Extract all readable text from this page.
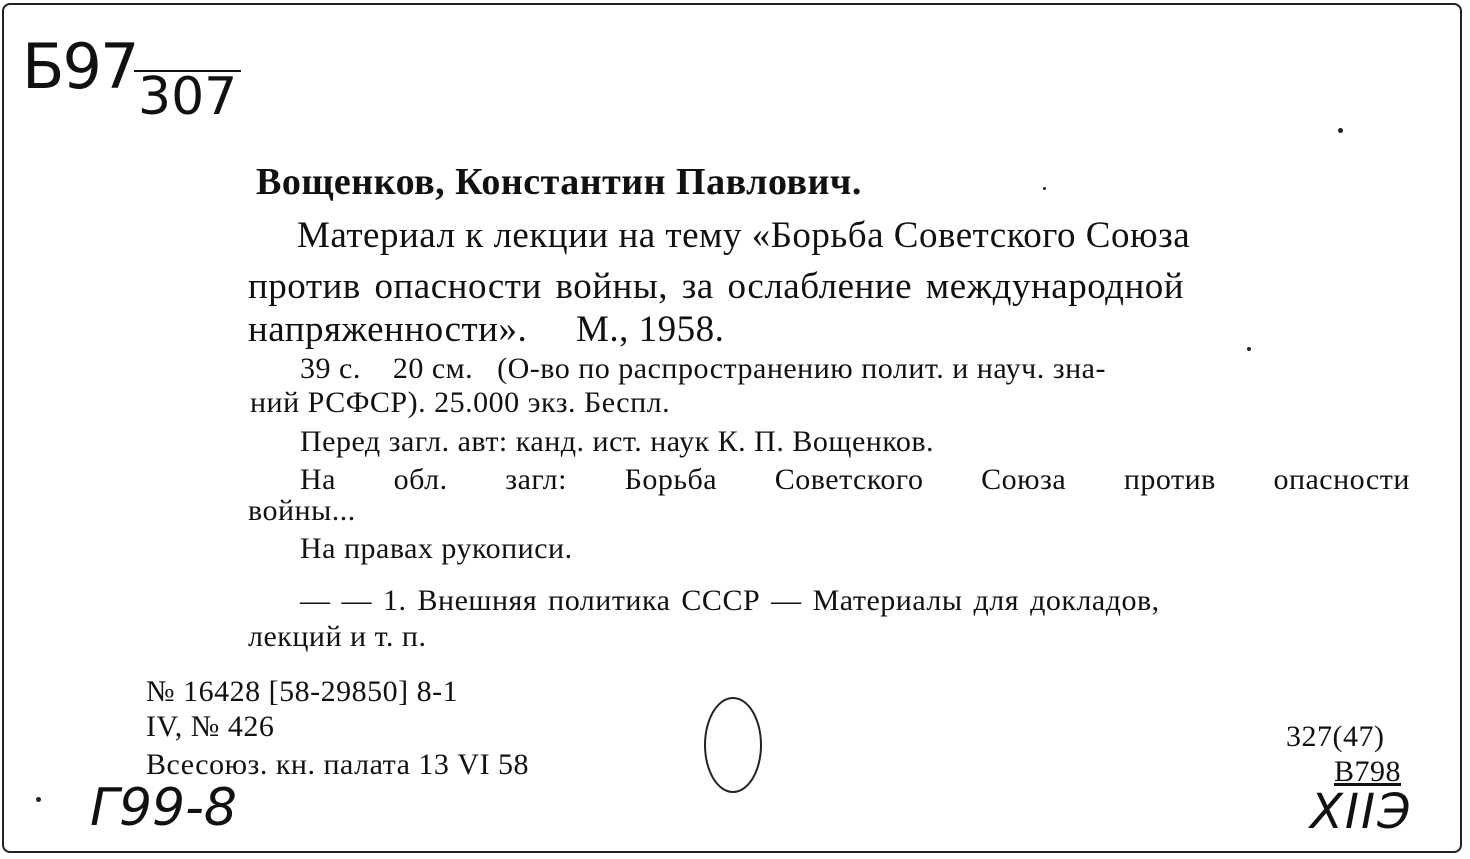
Б97 307
Вощенков, Константин Павлович.
Материал к лекции на тему «Борьба Советского Союза
против опасности войны, за ослабление международной
напряженности».     М., 1958.
39 с.    20 см.   (О-во по распространению полит. и науч. зна-
ний РСФСР). 25.000 экз. Беспл.
Перед загл. авт: канд. ист. наук К. П. Вощенков.
На обл. загл: Борьба Советского Союза против опасности
войны...
На правах рукописи.
— — 1. Внешняя политика СССР — Материалы для докладов,
лекций и т. п.
№ 16428 [58-29850] 8-1
IV, № 426
Всесоюз. кн. палата 13 VI 58
327(47)
В798
Г99-8	ХIIЭ
